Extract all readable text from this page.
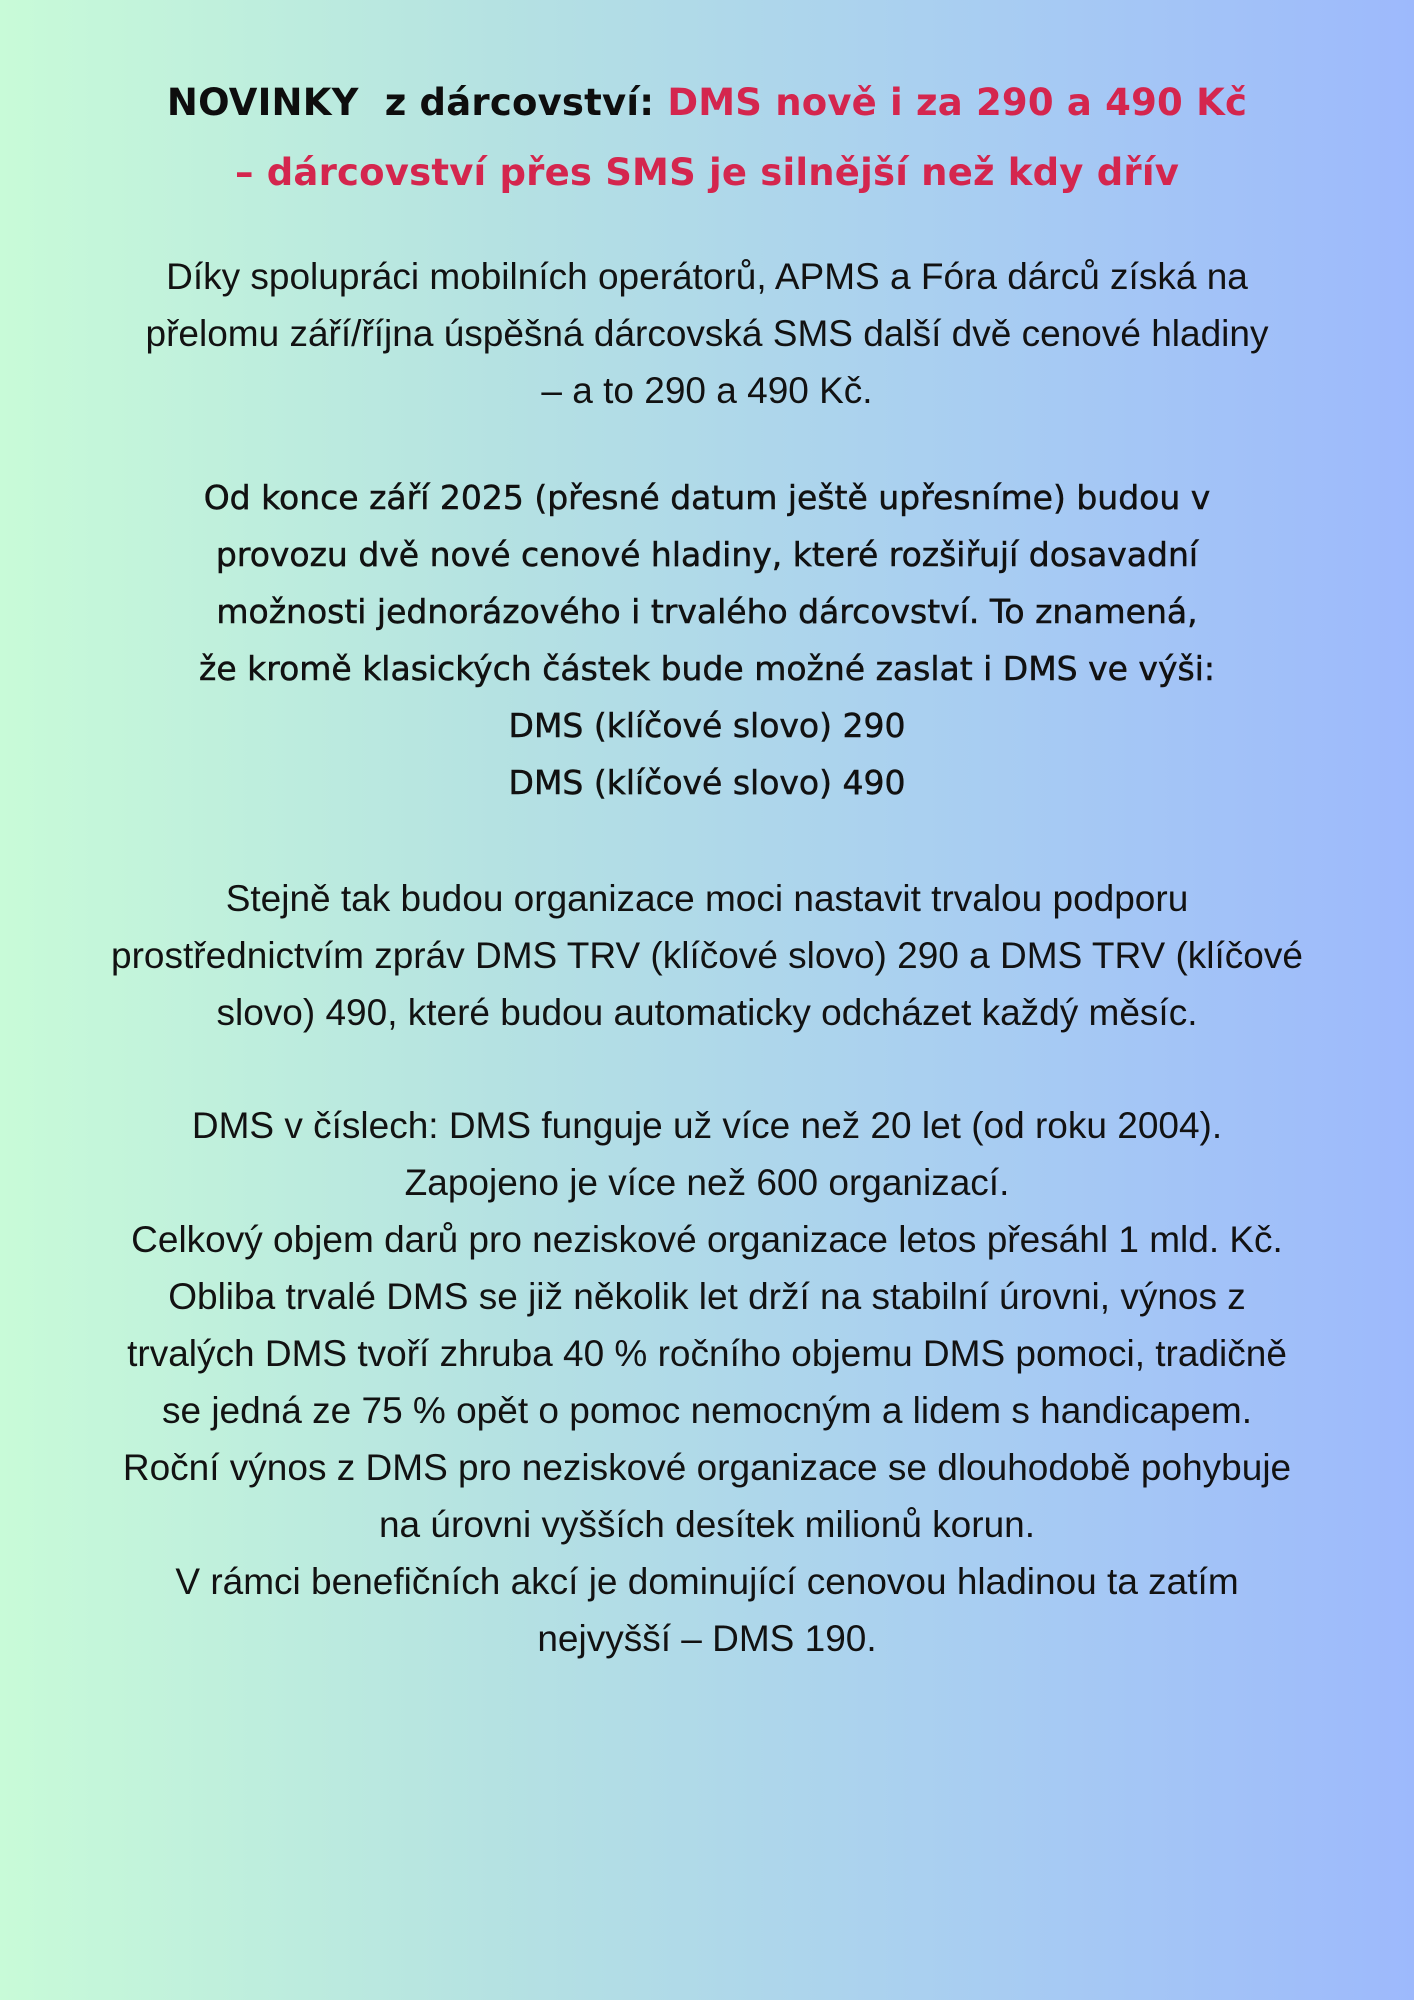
NOVINKY  z dárcovství: DMS nově i za 290 a 490 Kč
– dárcovství přes SMS je silnější než kdy dřív

Díky spolupráci mobilních operátorů, APMS a Fóra dárců získá na
přelomu září/října úspěšná dárcovská SMS další dvě cenové hladiny
– a to 290 a 490 Kč.

Od konce září 2025 (přesné datum ještě upřesníme) budou v
provozu dvě nové cenové hladiny, které rozšiřují dosavadní
možnosti jednorázového i trvalého dárcovství. To znamená,
že kromě klasických částek bude možné zaslat i DMS ve výši:
DMS (klíčové slovo) 290
DMS (klíčové slovo) 490

Stejně tak budou organizace moci nastavit trvalou podporu
prostřednictvím zpráv DMS TRV (klíčové slovo) 290 a DMS TRV (klíčové
slovo) 490, které budou automaticky odcházet každý měsíc.

DMS v číslech: DMS funguje už více než 20 let (od roku 2004).
Zapojeno je více než 600 organizací.
Celkový objem darů pro neziskové organizace letos přesáhl 1 mld. Kč.
Obliba trvalé DMS se již několik let drží na stabilní úrovni, výnos z
trvalých DMS tvoří zhruba 40 % ročního objemu DMS pomoci, tradičně
se jedná ze 75 % opět o pomoc nemocným a lidem s handicapem.
Roční výnos z DMS pro neziskové organizace se dlouhodobě pohybuje
na úrovni vyšších desítek milionů korun.
V rámci benefičních akcí je dominující cenovou hladinou ta zatím
nejvyšší – DMS 190.
